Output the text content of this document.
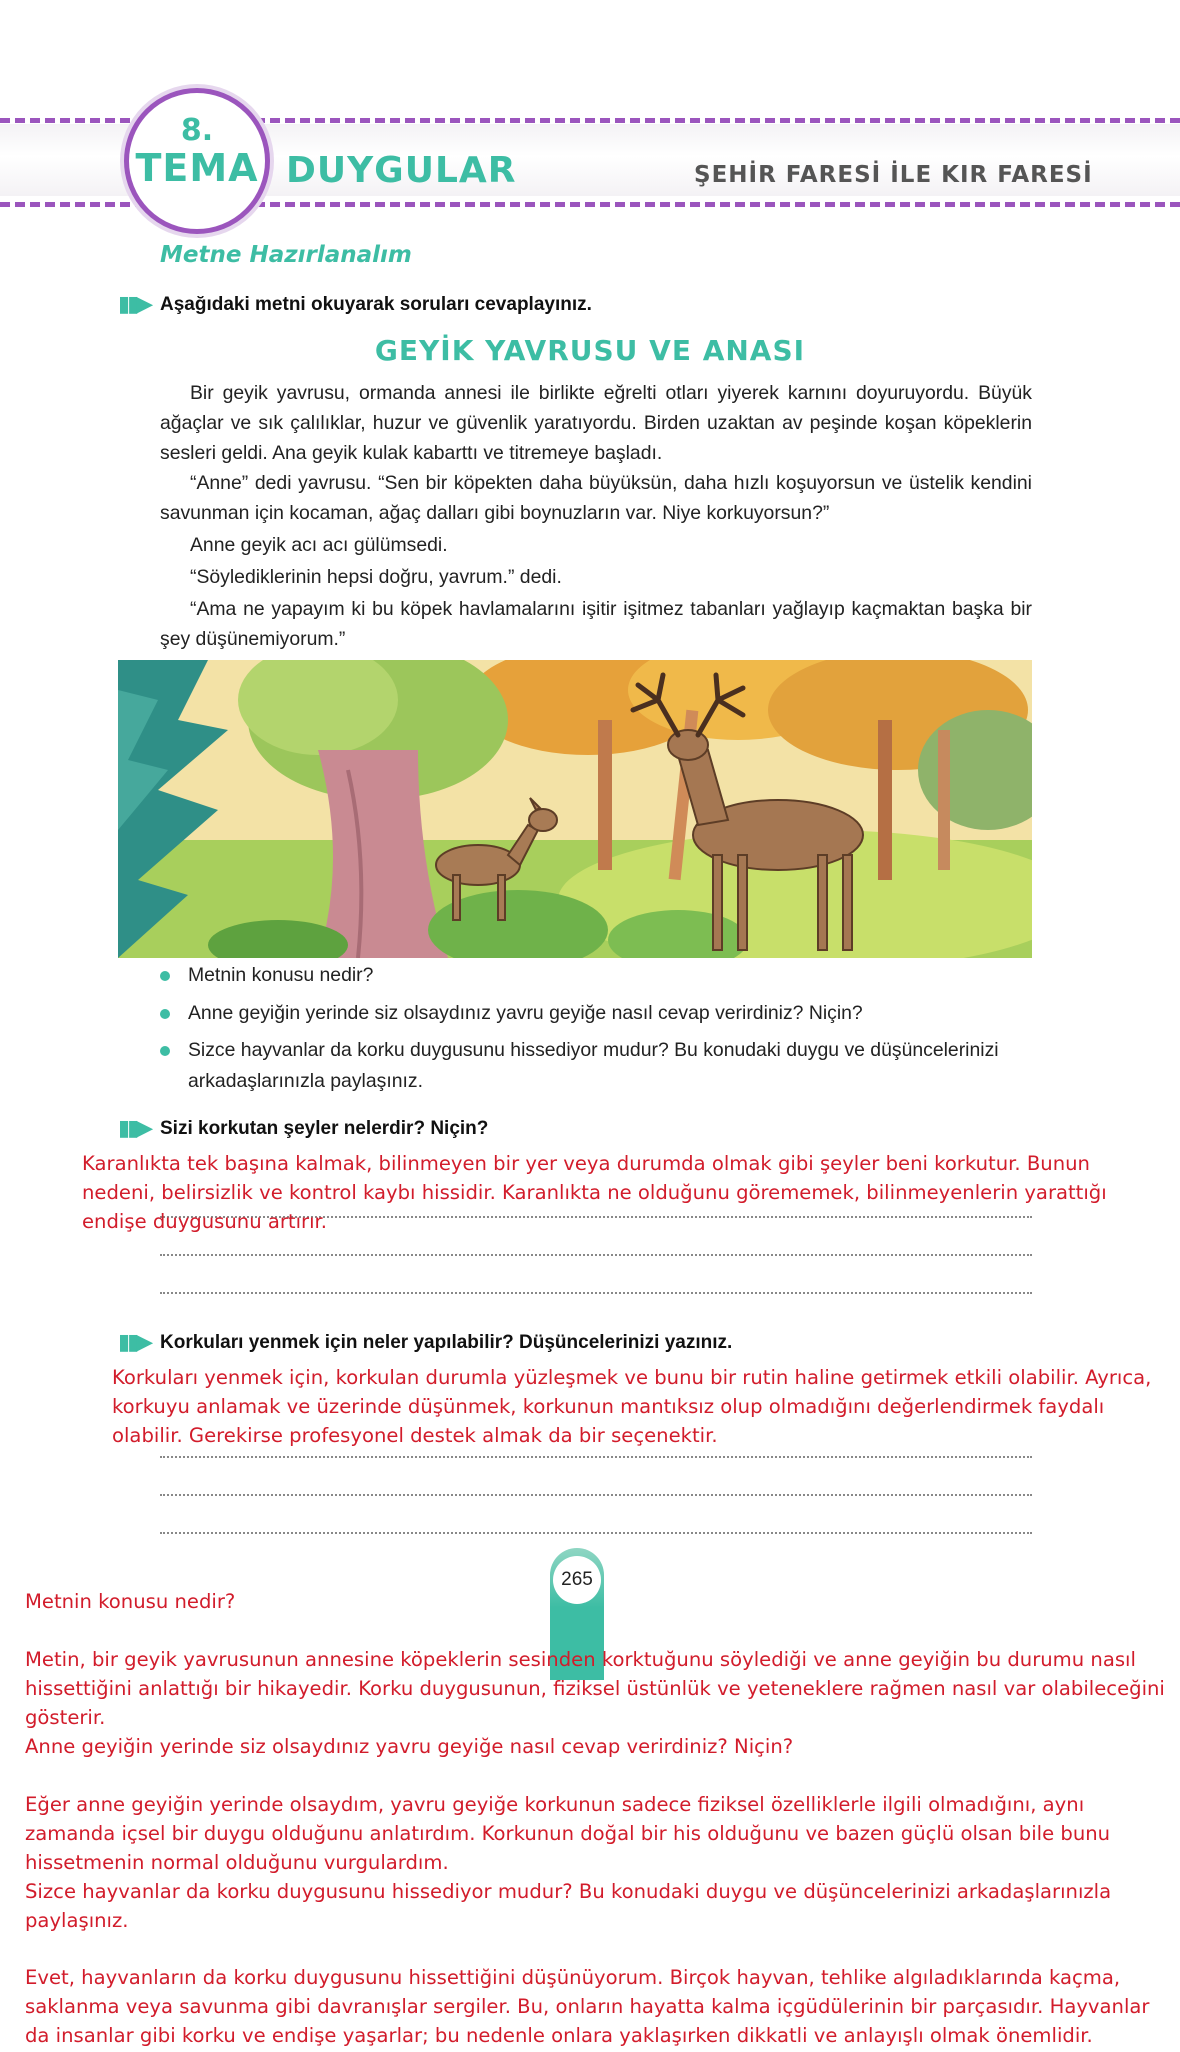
8.
TEMA DUYGULAR	ŞEHİR FARESİ İLE KIR FARESİ
Metne Hazırlanalım
▮▮▶ Aşağıdaki metni okuyarak soruları cevaplayınız.
GEYİK YAVRUSU VE ANASI
Bir geyik yavrusu, ormanda annesi ile birlikte eğrelti otları yiyerek karnını doyuruyordu. Büyük ağaçlar ve sık çalılıklar, huzur ve güvenlik yaratıyordu. Birden uzaktan av peşinde koşan köpeklerin sesleri geldi. Ana geyik kulak kabarttı ve titremeye başladı.
“Anne” dedi yavrusu. “Sen bir köpekten daha büyüksün, daha hızlı koşuyorsun ve üstelik kendini savunman için kocaman, ağaç dalları gibi boynuzların var. Niye korkuyorsun?”
Anne geyik acı acı gülümsedi.
“Söylediklerinin hepsi doğru, yavrum.” dedi.
“Ama ne yapayım ki bu köpek havlamalarını işitir işitmez tabanları yağlayıp kaçmaktan başka bir şey düşünemiyorum.”
Metnin konusu nedir?
Anne geyiğin yerinde siz olsaydınız yavru geyiğe nasıl cevap verirdiniz? Niçin?
Sizce hayvanlar da korku duygusunu hissediyor mudur? Bu konudaki duygu ve düşüncelerinizi arkadaşlarınızla paylaşınız.
▮▮▶ Sizi korkutan şeyler nelerdir? Niçin?
Karanlıkta tek başına kalmak, bilinmeyen bir yer veya durumda olmak gibi şeyler beni korkutur. Bunun nedeni, belirsizlik ve kontrol kaybı hissidir. Karanlıkta ne olduğunu görememek, bilinmeyenlerin yarattığı endişe duygusunu artırır.
▮▮▶ Korkuları yenmek için neler yapılabilir? Düşüncelerinizi yazınız.
Korkuları yenmek için, korkulan durumla yüzleşmek ve bunu bir rutin haline getirmek etkili olabilir. Ayrıca, korkuyu anlamak ve üzerinde düşünmek, korkunun mantıksız olup olmadığını değerlendirmek faydalı olabilir. Gerekirse profesyonel destek almak da bir seçenektir.
265
Metnin konusu nedir?
Metin, bir geyik yavrusunun annesine köpeklerin sesinden korktuğunu söylediği ve anne geyiğin bu durumu nasıl hissettiğini anlattığı bir hikayedir. Korku duygusunun, fiziksel üstünlük ve yeteneklere rağmen nasıl var olabileceğini gösterir.
Anne geyiğin yerinde siz olsaydınız yavru geyiğe nasıl cevap verirdiniz? Niçin?
Eğer anne geyiğin yerinde olsaydım, yavru geyiğe korkunun sadece fiziksel özelliklerle ilgili olmadığını, aynı zamanda içsel bir duygu olduğunu anlatırdım. Korkunun doğal bir his olduğunu ve bazen güçlü olsan bile bunu hissetmenin normal olduğunu vurgulardım.
Sizce hayvanlar da korku duygusunu hissediyor mudur? Bu konudaki duygu ve düşüncelerinizi arkadaşlarınızla paylaşınız.
Evet, hayvanların da korku duygusunu hissettiğini düşünüyorum. Birçok hayvan, tehlike algıladıklarında kaçma, saklanma veya savunma gibi davranışlar sergiler. Bu, onların hayatta kalma içgüdülerinin bir parçasıdır. Hayvanlar da insanlar gibi korku ve endişe yaşarlar; bu nedenle onlara yaklaşırken dikkatli ve anlayışlı olmak önemlidir.
